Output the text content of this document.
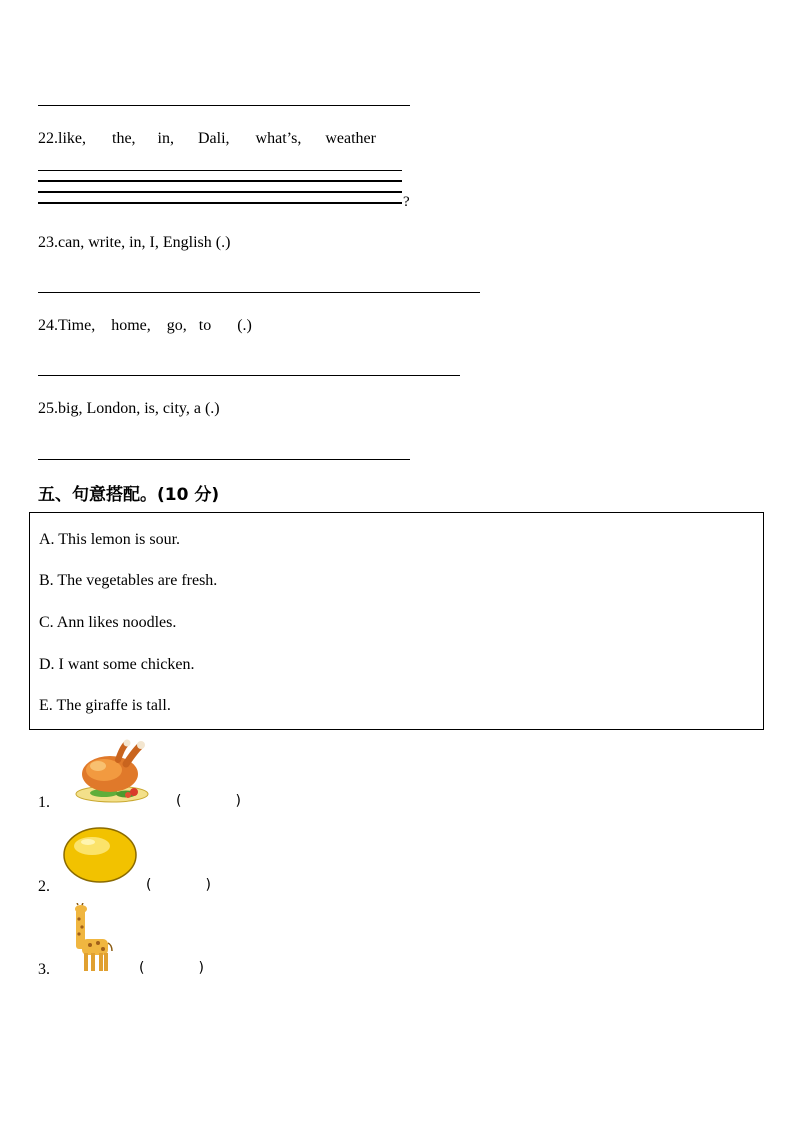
22.like, the, in, Dali, what’s, weather
?
23.can, write, in, I, English (.)
24.Time, home, go, to (.)
25.big, London, is, city, a (.)
五、句意搭配。(10 分)
A. This lemon is sour.
B. The vegetables are fresh.
C. Ann likes noodles.
D. I want some chicken.
E. The giraffe is tall.
1.	(	)
2.	(	)
3.	(	)
